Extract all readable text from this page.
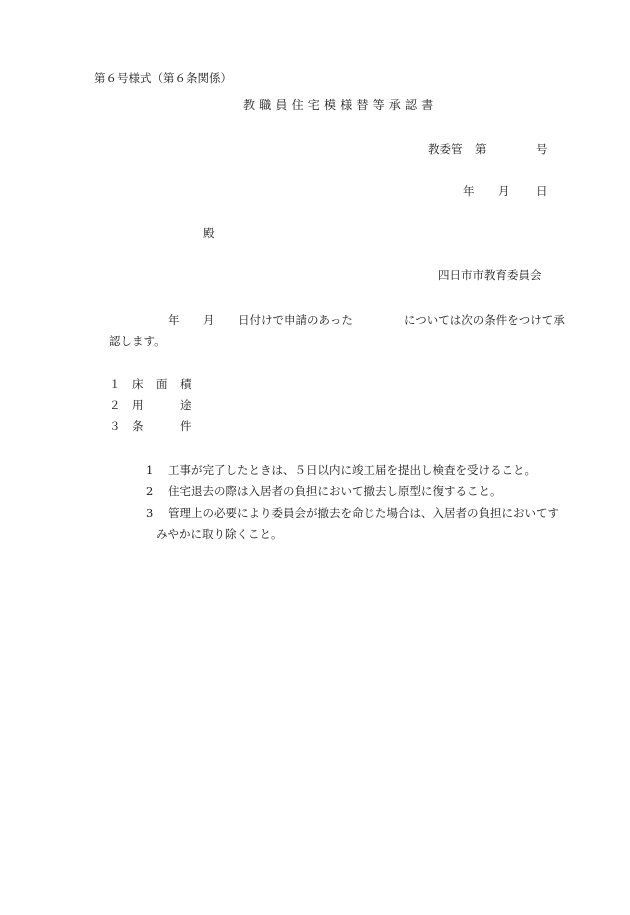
第６号様式（第６条関係）
教職員住宅模様替等承認書
教委管 第	号
年 月 日
殿
四日市市教育委員会
年 月 日付けで申請のあった	については次の条件をつけて承
認します。
１ 床 面 積
２ 用	途
３ 条	件
1 工事が完了したときは、５日以内に竣工届を提出し検査を受けること。
2 住宅退去の際は入居者の負担において撤去し原型に復すること。
3 管理上の必要により委員会が撤去を命じた場合は、入居者の負担においてす
みやかに取り除くこと。
